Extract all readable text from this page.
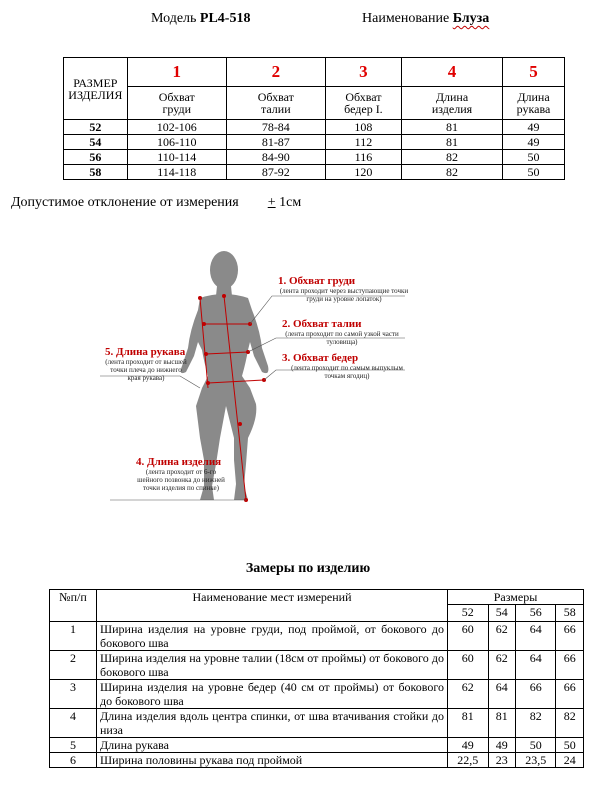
Модель PL4-518	Наименование Блуза
РАЗМЕР ИЗДЕЛИЯ	1	2	3	4	5
	Обхват груди	Обхват талии	Обхват бедер I.	Длина изделия	Длина рукава
52	102-106	78-84	108	81	49
54	106-110	81-87	112	81	49
56	110-114	84-90	116	82	50
58	114-118	87-92	120	82	50
Допустимое отклонение от измерения + 1см
1. Обхват груди
(лента проходит через выступающие точки груди на уровне лопаток)
2. Обхват талии
(лента проходит по самой узкой части туловища)
3. Обхват бедер
(лента проходит по самым выпуклым точкам ягодиц)
5. Длина рукава
(лента проходит от высшей точки плеча до нижнего края рукава)
4. Длина изделия
(лента проходит от 6-го шейного позвонка до нижней точки изделия по спинке)
Замеры по изделию
№п/п	Наименование мест измерений	Размеры			
		52	54	56	58
1	Ширина изделия на уровне груди, под проймой, от бокового до бокового шва	60	62	64	66
2	Ширина изделия на уровне талии (18см от проймы) от бокового до бокового шва	60	62	64	66
3	Ширина изделия на уровне бедер (40 см от проймы) от бокового до бокового шва	62	64	66	66
4	Длина изделия вдоль центра спинки, от шва втачивания стойки до низа	81	81	82	82
5	Длина рукава	49	49	50	50
6	Ширина половины рукава под проймой	22,5	23	23,5	24
